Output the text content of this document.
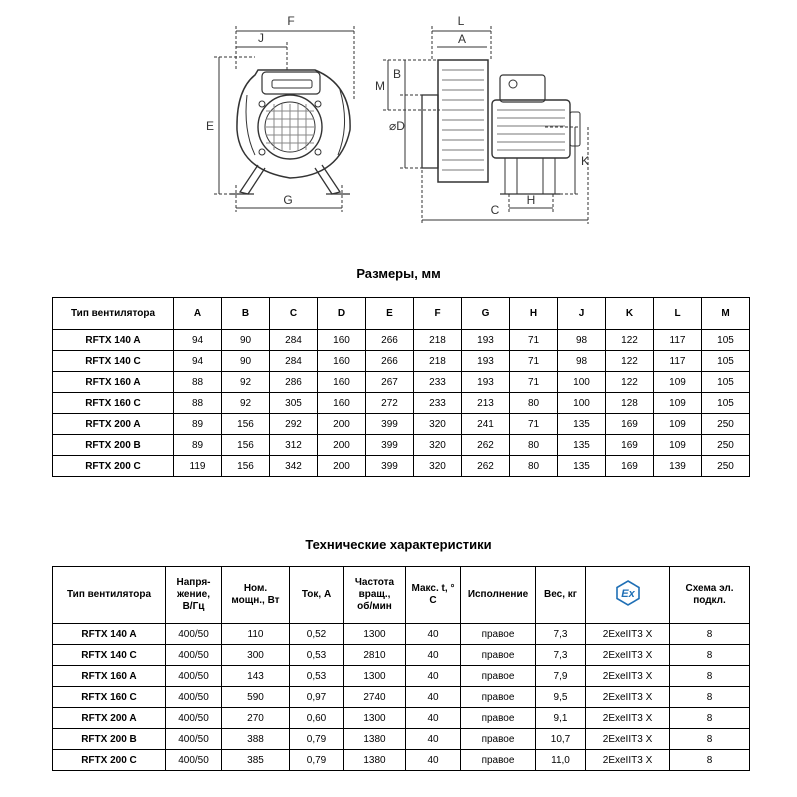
F
J
E
G
L
A
M
B
⌀D
K
H
C
Размеры, мм
Тип вентилятора	A	B	C	D	E	F	G	H	J	K	L	M
RFTX 140 A	94	90	284	160	266	218	193	71	98	122	117	105
RFTX 140 C	94	90	284	160	266	218	193	71	98	122	117	105
RFTX 160 A	88	92	286	160	267	233	193	71	100	122	109	105
RFTX 160 C	88	92	305	160	272	233	213	80	100	128	109	105
RFTX 200 A	89	156	292	200	399	320	241	71	135	169	109	250
RFTX 200 B	89	156	312	200	399	320	262	80	135	169	109	250
RFTX 200 C	119	156	342	200	399	320	262	80	135	169	139	250
Технические характеристики
Тип вентилятора	Напря-
жение,
В/Гц	Ном.
мощн., Вт	Ток, А	Частота
вращ.,
об/мин	Макс. t, °
C	Исполнение	Вес, кг	Ex	Схема эл.
подкл.
RFTX 140 A	400/50	110	0,52	1300	40	правое	7,3	2ExeIIT3 X	8
RFTX 140 C	400/50	300	0,53	2810	40	правое	7,3	2ExeIIT3 X	8
RFTX 160 A	400/50	143	0,53	1300	40	правое	7,9	2ExeIIT3 X	8
RFTX 160 C	400/50	590	0,97	2740	40	правое	9,5	2ExeIIT3 X	8
RFTX 200 A	400/50	270	0,60	1300	40	правое	9,1	2ExeIIT3 X	8
RFTX 200 B	400/50	388	0,79	1380	40	правое	10,7	2ExeIIT3 X	8
RFTX 200 C	400/50	385	0,79	1380	40	правое	11,0	2ExeIIT3 X	8
